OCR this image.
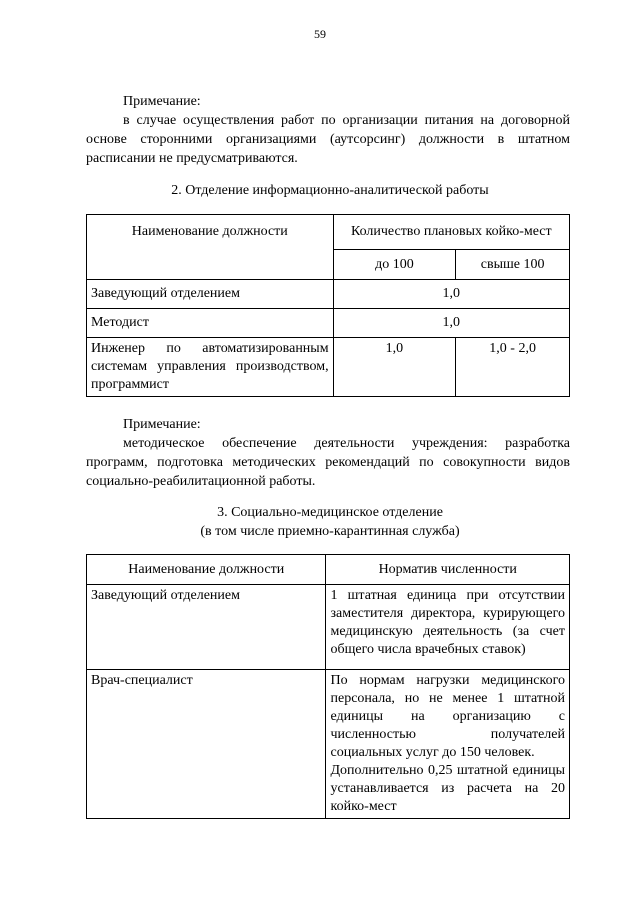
59
Примечание:
в случае осуществления работ по организации питания на договорной основе сторонними организациями (аутсорсинг) должности в штатном расписании не предусматриваются.
2. Отделение информационно-аналитической работы
Наименование должности	Количество плановых койко-мест	
	до 100	свыше 100
Заведующий отделением	1,0	
Методист	1,0	
Инженер по автоматизированным системам управления производством, программист	1,0	1,0 - 2,0
Примечание:
методическое обеспечение деятельности учреждения: разработка программ, подготовка методических рекомендаций по совокупности видов социально-реабилитационной работы.
3. Социально-медицинское отделение
(в том числе приемно-карантинная служба)
Наименование должности	Норматив численности
Заведующий отделением	1 штатная единица при отсутствии заместителя директора, курирующего медицинскую деятельность (за счет общего числа врачебных ставок)
Врач-специалист	По нормам нагрузки медицинского персонала, но не менее 1 штатной единицы на организацию с численностью получателей социальных услуг до 150 человек.
Дополнительно 0,25 штатной единицы устанавливается из расчета на 20 койко-мест
